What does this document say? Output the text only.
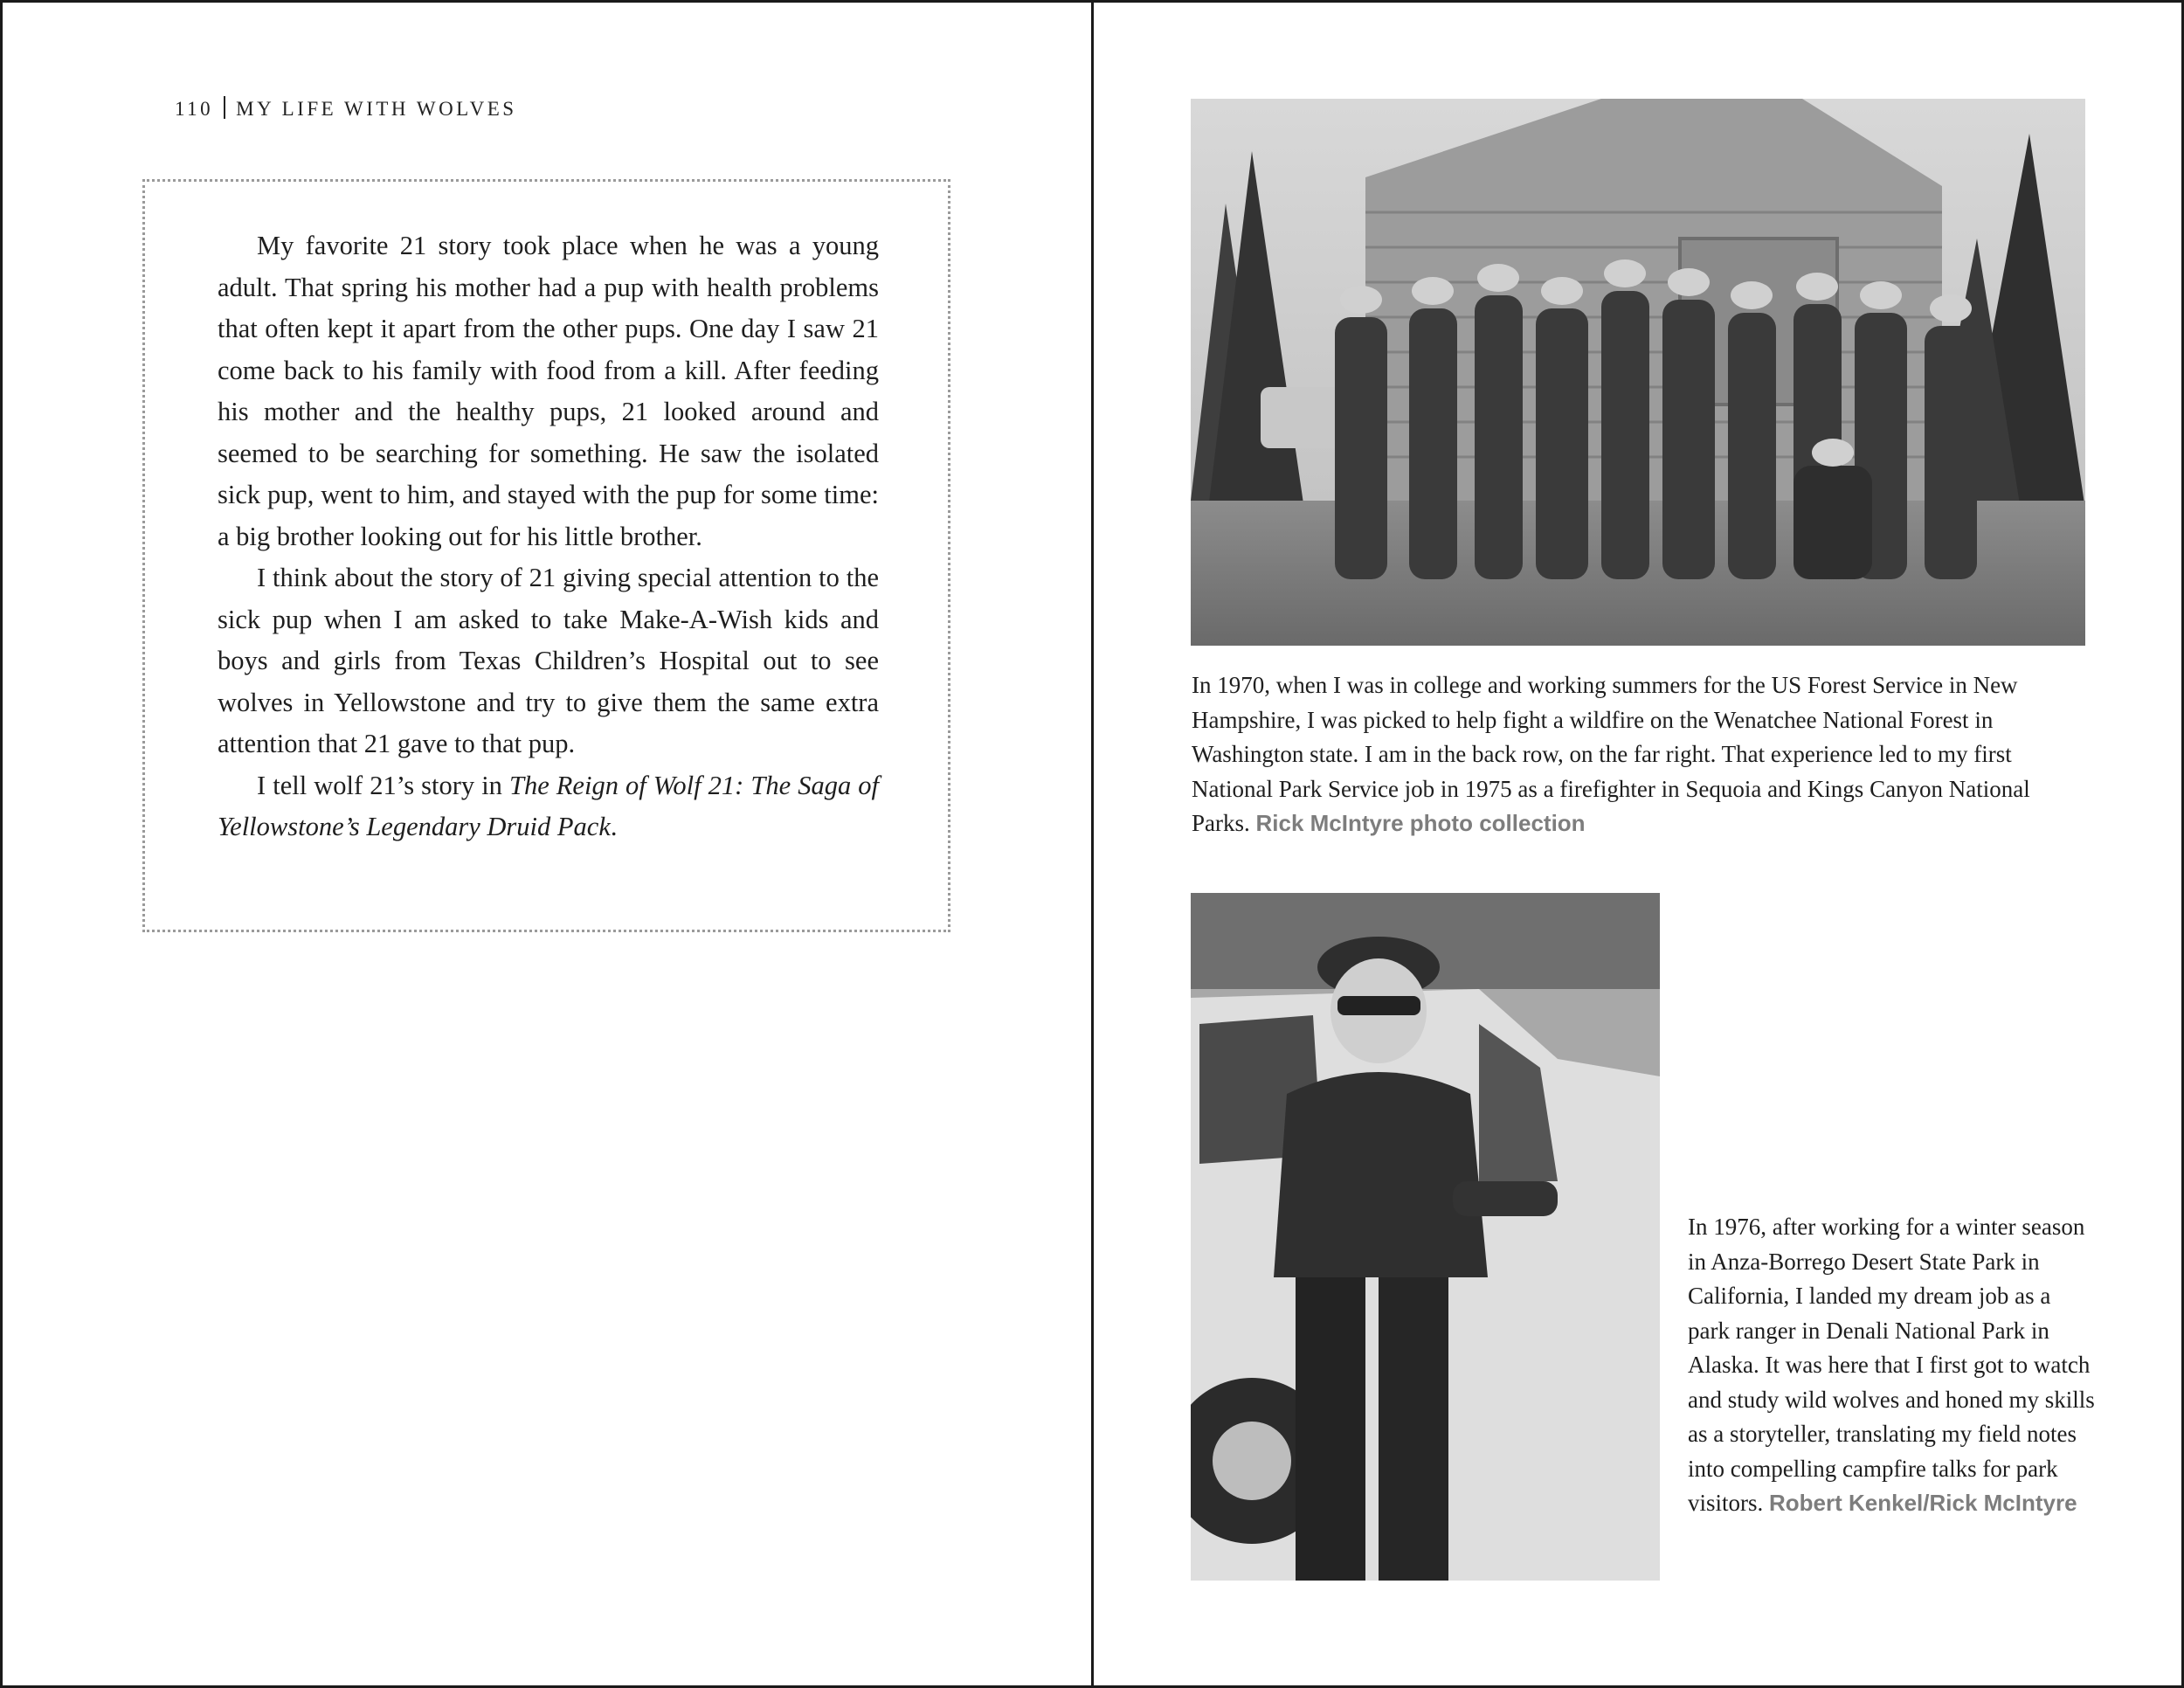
110 MY LIFE WITH WOLVES

My favorite 21 story took place when he was a young adult. That spring his mother had a pup with health problems that often kept it apart from the other pups. One day I saw 21 come back to his family with food from a kill. After feeding his mother and the healthy pups, 21 looked around and seemed to be searching for something. He saw the isolated sick pup, went to him, and stayed with the pup for some time: a big brother looking out for his little brother.

I think about the story of 21 giving special attention to the sick pup when I am asked to take Make-A-Wish kids and boys and girls from Texas Children’s Hospital out to see wolves in Yellowstone and try to give them the same extra attention that 21 gave to that pup.

I tell wolf 21’s story in The Reign of Wolf 21: The Saga of Yellowstone’s Legendary Druid Pack.

In 1970, when I was in college and working summers for the US Forest Service in New Hampshire, I was picked to help fight a wildfire on the Wenatchee National Forest in Washington state. I am in the back row, on the far right. That experience led to my first National Park Service job in 1975 as a firefighter in Sequoia and Kings Canyon National Parks. Rick McIntyre photo collection
In 1976, after working for a winter season in Anza-Borrego Desert State Park in California, I landed my dream job as a park ranger in Denali National Park in Alaska. It was here that I first got to watch and study wild wolves and honed my skills as a storyteller, translating my field notes into compelling campfire talks for park visitors. Robert Kenkel/Rick McIntyre
